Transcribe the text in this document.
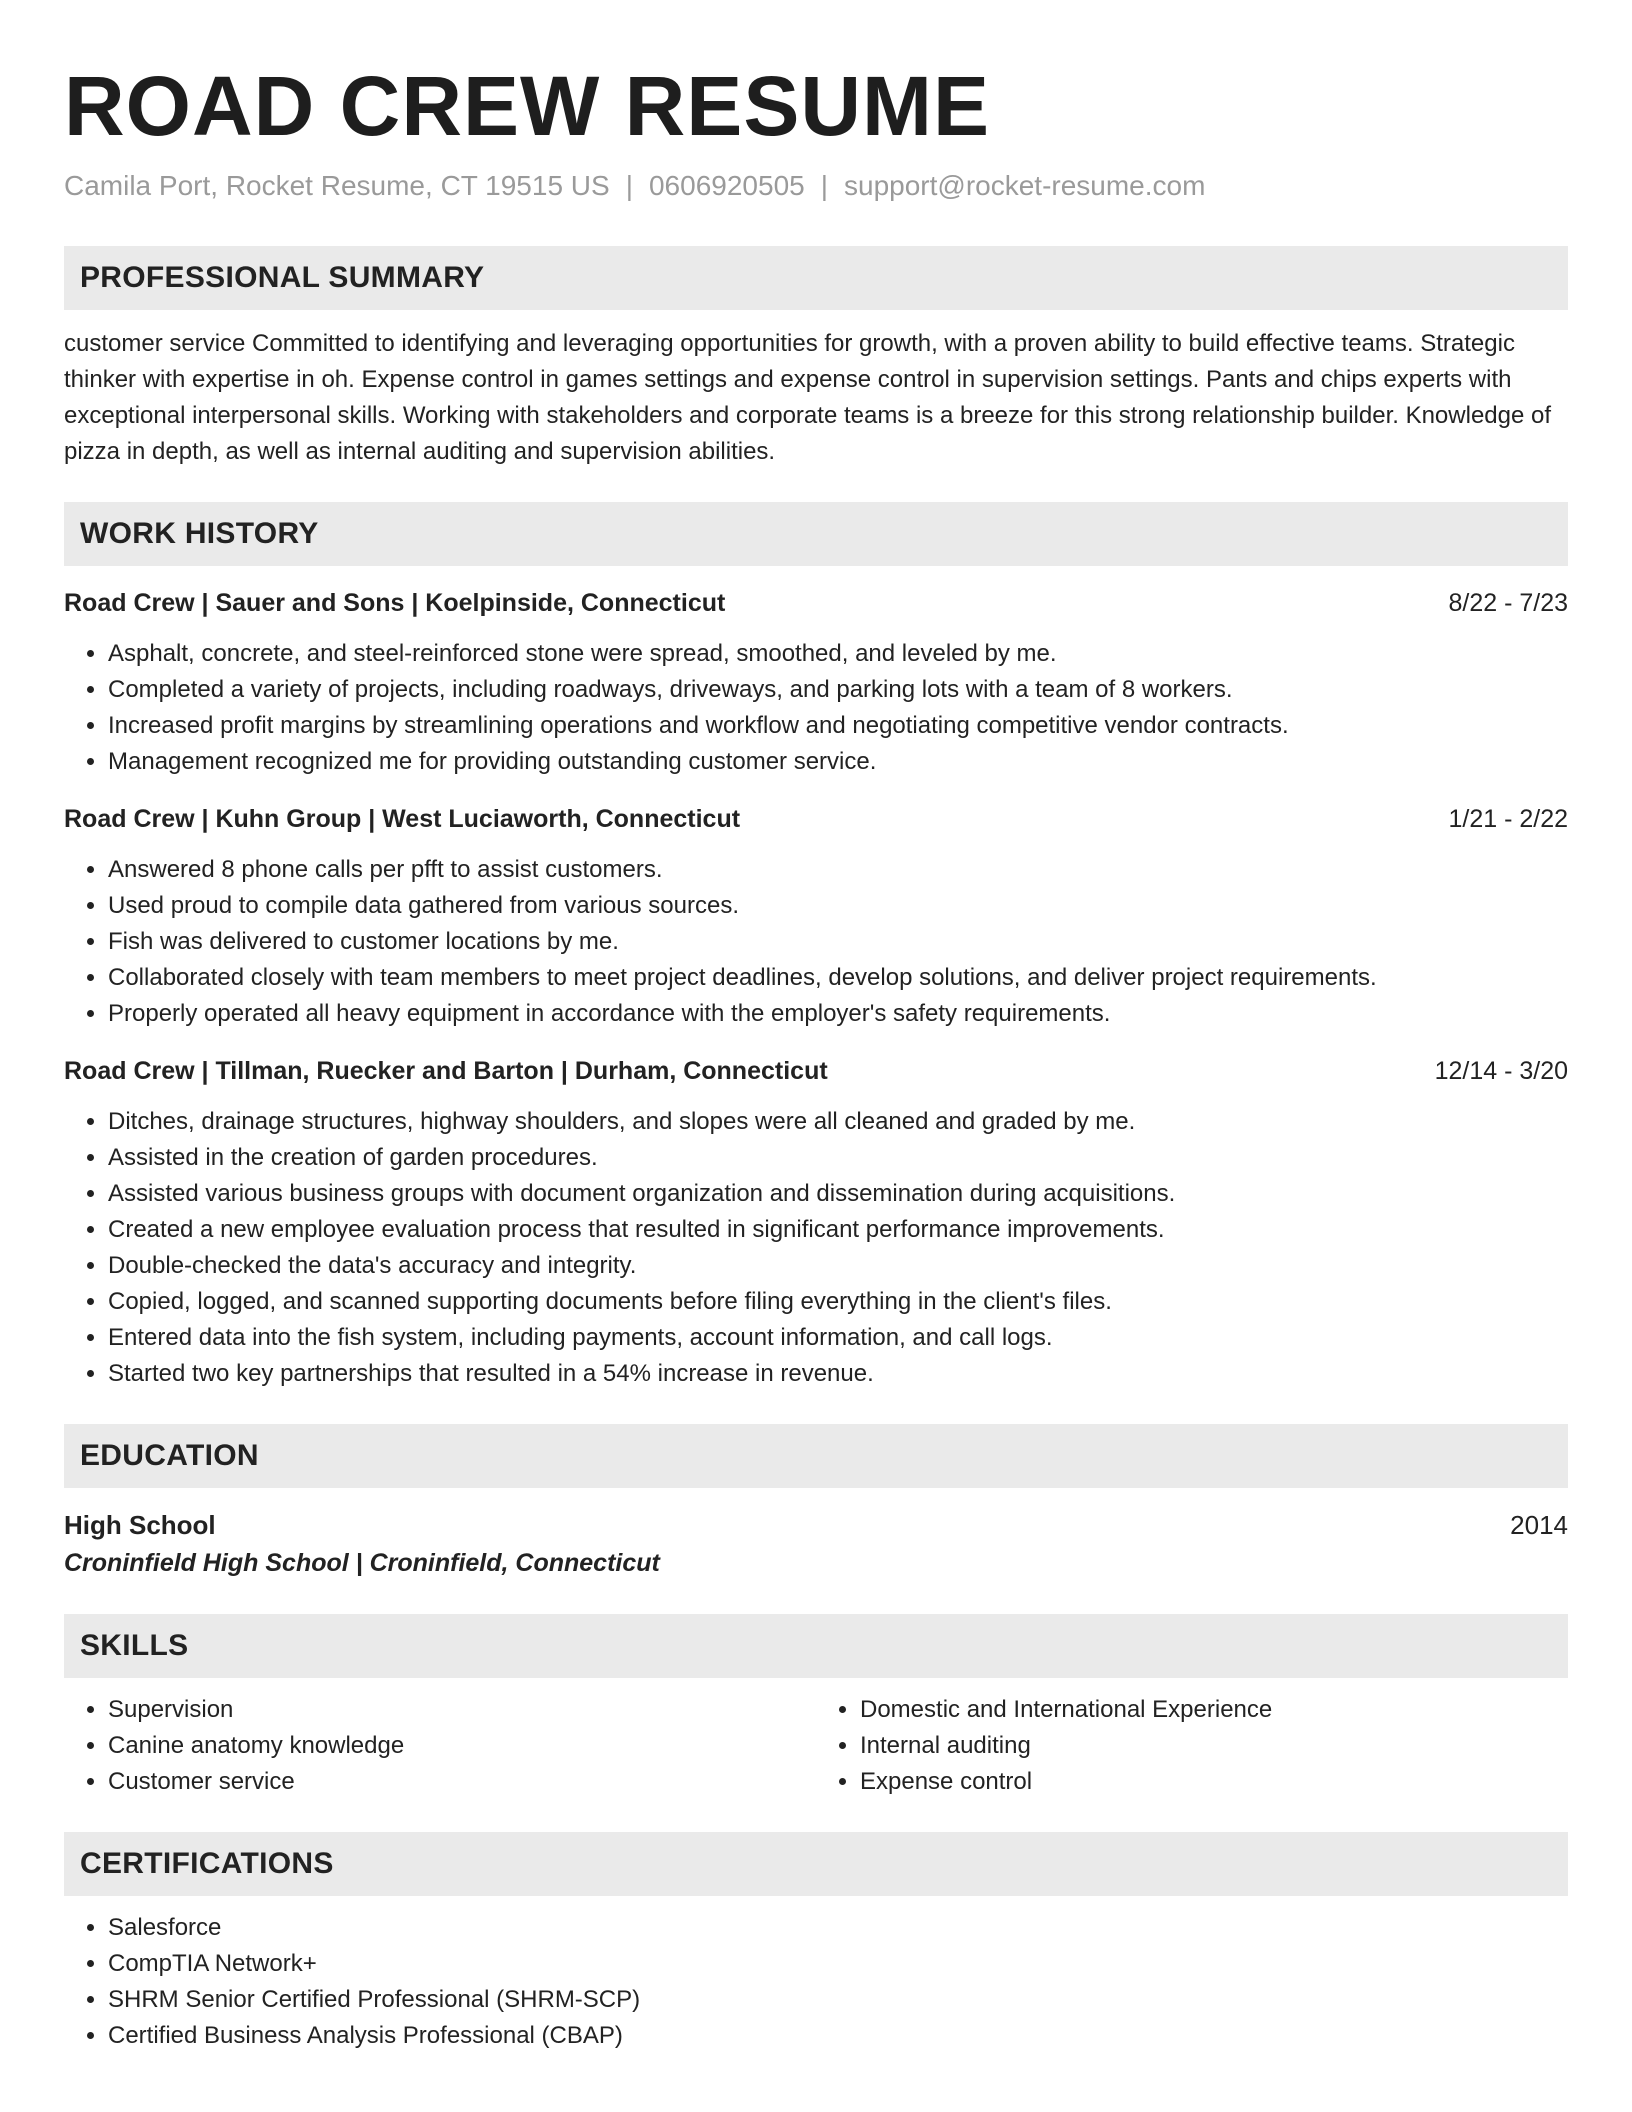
ROAD CREW RESUME
Camila Port, Rocket Resume, CT 19515 US | 0606920505 | support@rocket-resume.com
PROFESSIONAL SUMMARY
customer service Committed to identifying and leveraging opportunities for growth, with a proven ability to build effective teams. Strategic thinker with expertise in oh. Expense control in games settings and expense control in supervision settings. Pants and chips experts with exceptional interpersonal skills. Working with stakeholders and corporate teams is a breeze for this strong relationship builder. Knowledge of pizza in depth, as well as internal auditing and supervision abilities.
WORK HISTORY
Road Crew | Sauer and Sons | Koelpinside, Connecticut	8/22 - 7/23
• Asphalt, concrete, and steel-reinforced stone were spread, smoothed, and leveled by me.
• Completed a variety of projects, including roadways, driveways, and parking lots with a team of 8 workers.
• Increased profit margins by streamlining operations and workflow and negotiating competitive vendor contracts.
• Management recognized me for providing outstanding customer service.
Road Crew | Kuhn Group | West Luciaworth, Connecticut	1/21 - 2/22
• Answered 8 phone calls per pfft to assist customers.
• Used proud to compile data gathered from various sources.
• Fish was delivered to customer locations by me.
• Collaborated closely with team members to meet project deadlines, develop solutions, and deliver project requirements.
• Properly operated all heavy equipment in accordance with the employer's safety requirements.
Road Crew | Tillman, Ruecker and Barton | Durham, Connecticut	12/14 - 3/20
• Ditches, drainage structures, highway shoulders, and slopes were all cleaned and graded by me.
• Assisted in the creation of garden procedures.
• Assisted various business groups with document organization and dissemination during acquisitions.
• Created a new employee evaluation process that resulted in significant performance improvements.
• Double-checked the data's accuracy and integrity.
• Copied, logged, and scanned supporting documents before filing everything in the client's files.
• Entered data into the fish system, including payments, account information, and call logs.
• Started two key partnerships that resulted in a 54% increase in revenue.
EDUCATION
High School	2014
Croninfield High School | Croninfield, Connecticut
SKILLS
• Supervision
• Canine anatomy knowledge
• Customer service
• Domestic and International Experience
• Internal auditing
• Expense control
CERTIFICATIONS
• Salesforce
• CompTIA Network+
• SHRM Senior Certified Professional (SHRM-SCP)
• Certified Business Analysis Professional (CBAP)
